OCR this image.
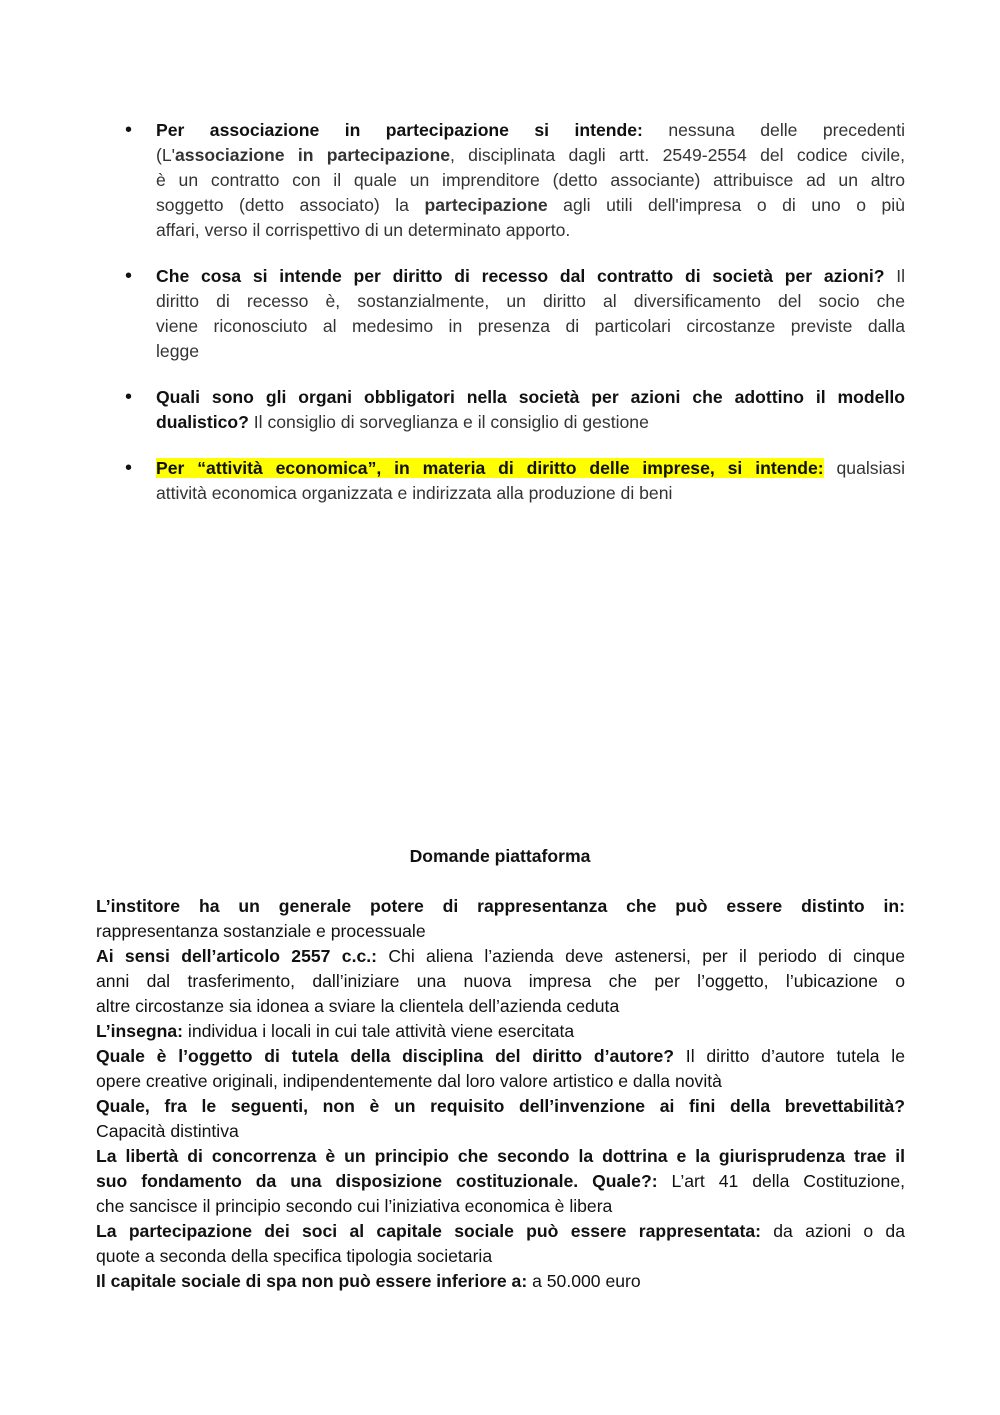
• Per associazione in partecipazione si intende: nessuna delle precedenti
(L'associazione in partecipazione, disciplinata dagli artt. 2549-2554 del codice civile,
è un contratto con il quale un imprenditore (detto associante) attribuisce ad un altro
soggetto (detto associato) la partecipazione agli utili dell'impresa o di uno o più
affari, verso il corrispettivo di un determinato apporto.
• Che cosa si intende per diritto di recesso dal contratto di società per azioni? Il
diritto di recesso è, sostanzialmente, un diritto al diversificamento del socio che
viene riconosciuto al medesimo in presenza di particolari circostanze previste dalla
legge
• Quali sono gli organi obbligatori nella società per azioni che adottino il modello
dualistico? Il consiglio di sorveglianza e il consiglio di gestione
• Per “attività economica”, in materia di diritto delle imprese, si intende: qualsiasi
attività economica organizzata e indirizzata alla produzione di beni
Domande piattaforma
L’institore ha un generale potere di rappresentanza che può essere distinto in:
rappresentanza sostanziale e processuale
Ai sensi dell’articolo 2557 c.c.: Chi aliena l’azienda deve astenersi, per il periodo di cinque
anni dal trasferimento, dall’iniziare una nuova impresa che per l’oggetto, l’ubicazione o
altre circostanze sia idonea a sviare la clientela dell’azienda ceduta
L’insegna: individua i locali in cui tale attività viene esercitata
Quale è l’oggetto di tutela della disciplina del diritto d’autore? Il diritto d’autore tutela le
opere creative originali, indipendentemente dal loro valore artistico e dalla novità
Quale, fra le seguenti, non è un requisito dell’invenzione ai fini della brevettabilità?
Capacità distintiva
La libertà di concorrenza è un principio che secondo la dottrina e la giurisprudenza trae il
suo fondamento da una disposizione costituzionale. Quale?: L’art 41 della Costituzione,
che sancisce il principio secondo cui l’iniziativa economica è libera
La partecipazione dei soci al capitale sociale può essere rappresentata: da azioni o da
quote a seconda della specifica tipologia societaria
Il capitale sociale di spa non può essere inferiore a: a 50.000 euro
